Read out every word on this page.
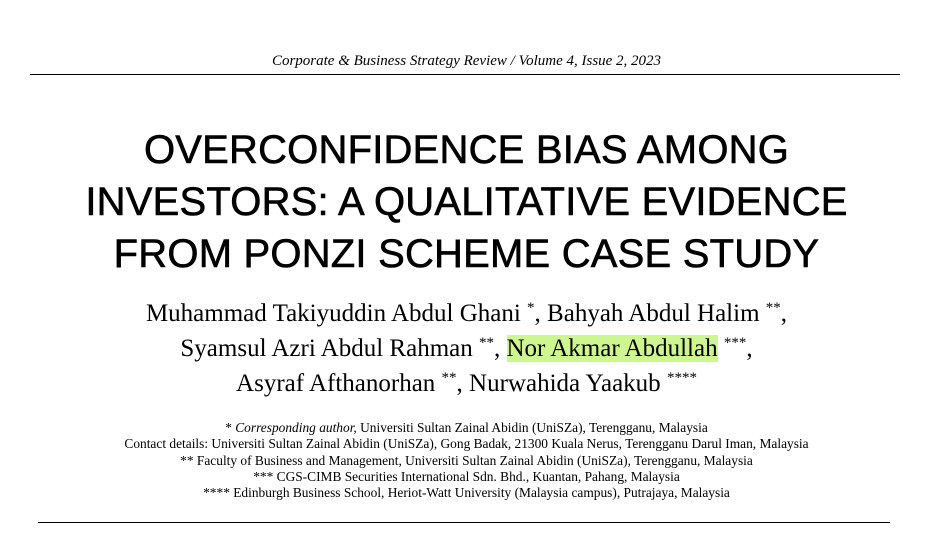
Corporate & Business Strategy Review / Volume 4, Issue 2, 2023
OVERCONFIDENCE BIAS AMONG
INVESTORS: A QUALITATIVE EVIDENCE
FROM PONZI SCHEME CASE STUDY
Muhammad Takiyuddin Abdul Ghani *, Bahyah Abdul Halim **,
Syamsul Azri Abdul Rahman **, Nor Akmar Abdullah ***,
Asyraf Afthanorhan **, Nurwahida Yaakub ****
* Corresponding author, Universiti Sultan Zainal Abidin (UniSZa), Terengganu, Malaysia
Contact details: Universiti Sultan Zainal Abidin (UniSZa), Gong Badak, 21300 Kuala Nerus, Terengganu Darul Iman, Malaysia
** Faculty of Business and Management, Universiti Sultan Zainal Abidin (UniSZa), Terengganu, Malaysia
*** CGS-CIMB Securities International Sdn. Bhd., Kuantan, Pahang, Malaysia
**** Edinburgh Business School, Heriot-Watt University (Malaysia campus), Putrajaya, Malaysia
